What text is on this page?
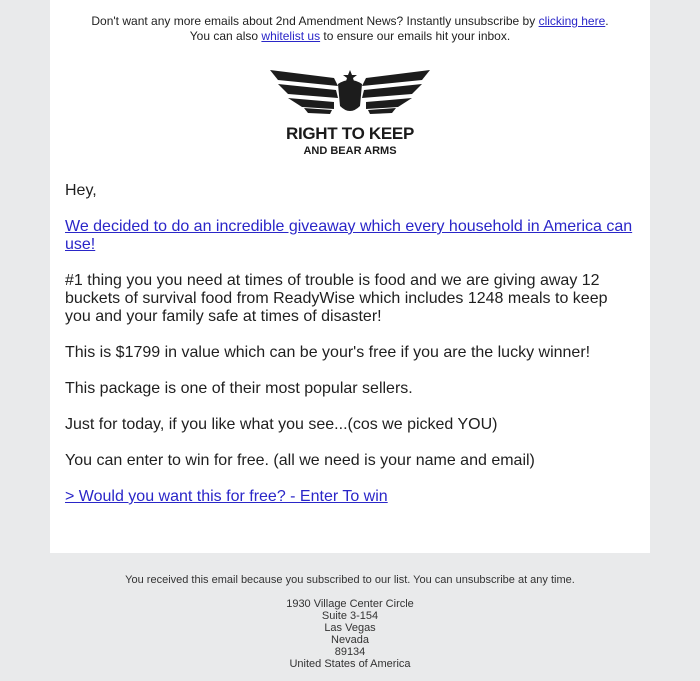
Don't want any more emails about 2nd Amendment News? Instantly unsubscribe by clicking here.
You can also whitelist us to ensure our emails hit your inbox.
RIGHT TO KEEP
AND BEAR ARMS
Hey,
We decided to do an incredible giveaway which every household in America can use!
#1 thing you you need at times of trouble is food and we are giving away 12 buckets of survival food from ReadyWise which includes 1248 meals to keep you and your family safe at times of disaster!
This is $1799 in value which can be your's free if you are the lucky winner!
This package is one of their most popular sellers.
Just for today, if you like what you see...(cos we picked YOU)
You can enter to win for free. (all we need is your name and email)
> Would you want this for free? - Enter To win
You received this email because you subscribed to our list. You can unsubscribe at any time.
1930 Village Center Circle
Suite 3-154
Las Vegas
Nevada
89134
United States of America
